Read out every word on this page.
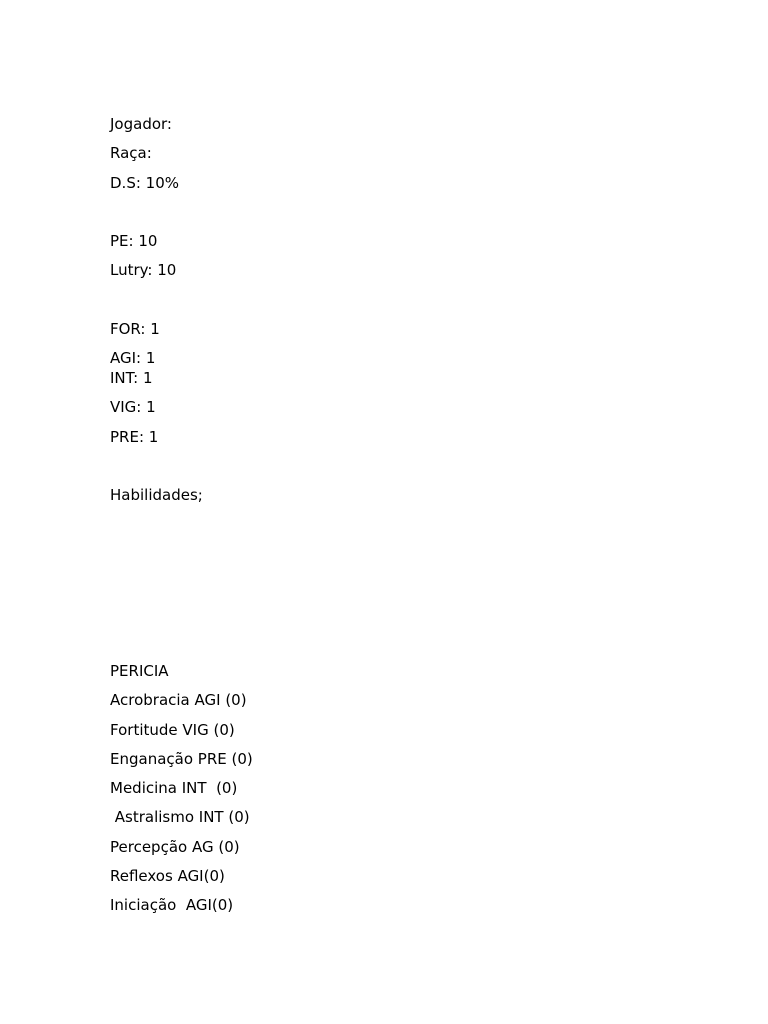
Jogador:
Raça:
D.S: 10%
PE: 10
Lutry: 10
FOR: 1
AGI: 1
INT: 1
VIG: 1
PRE: 1
Habilidades;
PERICIA
Acrobracia AGI (0)
Fortitude VIG (0)
Enganação PRE (0)
Medicina INT  (0)
Astralismo INT (0)
Percepção AG (0)
Reflexos AGI(0)
Iniciação  AGI(0)
